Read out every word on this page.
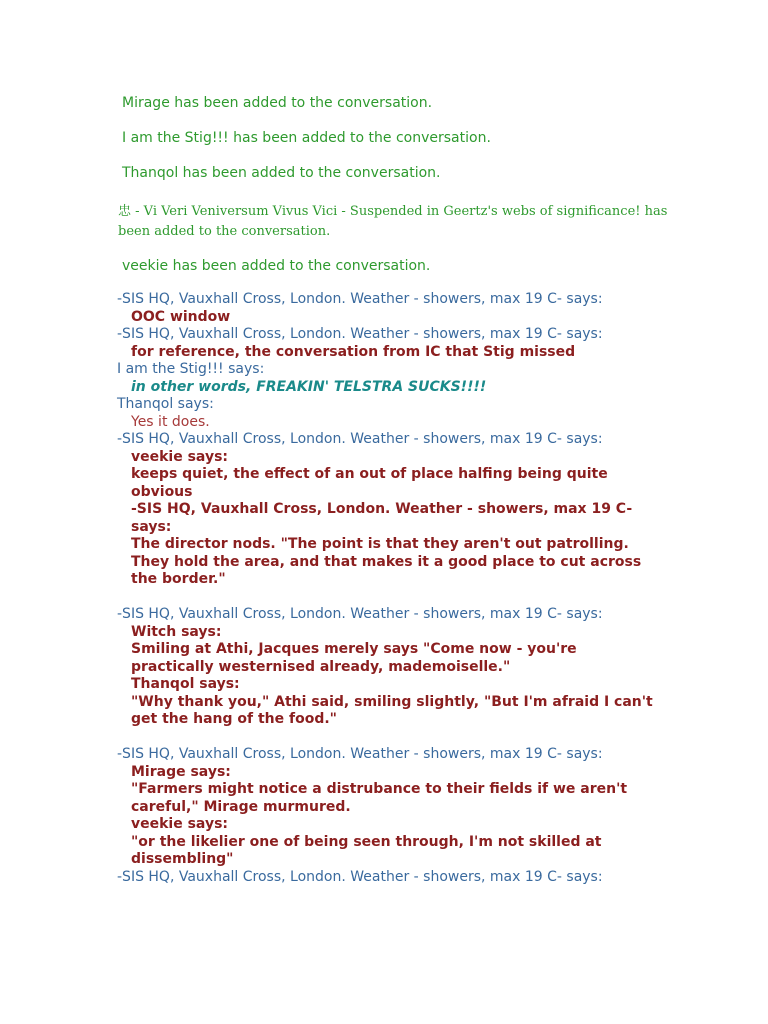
Mirage has been added to the conversation.
I am the Stig!!! has been added to the conversation.
Thanqol has been added to the conversation.
忠 - Vi Veri Veniversum Vivus Vici - Suspended in Geertz's webs of significance! has been added to the conversation.
veekie has been added to the conversation.
-SIS HQ, Vauxhall Cross, London. Weather - showers, max 19 C- says:
OOC window
-SIS HQ, Vauxhall Cross, London. Weather - showers, max 19 C- says:
for reference, the conversation from IC that Stig missed
I am the Stig!!! says:
in other words, FREAKIN' TELSTRA SUCKS!!!!
Thanqol says:
Yes it does.
-SIS HQ, Vauxhall Cross, London. Weather - showers, max 19 C- says:
veekie says:
keeps quiet, the effect of an out of place halfing being quite obvious
-SIS HQ, Vauxhall Cross, London. Weather - showers, max 19 C- says:
The director nods. "The point is that they aren't out patrolling. They hold the area, and that makes it a good place to cut across the border."
-SIS HQ, Vauxhall Cross, London. Weather - showers, max 19 C- says:
Witch says:
Smiling at Athi, Jacques merely says "Come now - you're practically westernised already, mademoiselle."
Thanqol says:
"Why thank you," Athi said, smiling slightly, "But I'm afraid I can't get the hang of the food."
-SIS HQ, Vauxhall Cross, London. Weather - showers, max 19 C- says:
Mirage says:
"Farmers might notice a distrubance to their fields if we aren't careful," Mirage murmured.
veekie says:
"or the likelier one of being seen through, I'm not skilled at dissembling"
-SIS HQ, Vauxhall Cross, London. Weather - showers, max 19 C- says:
